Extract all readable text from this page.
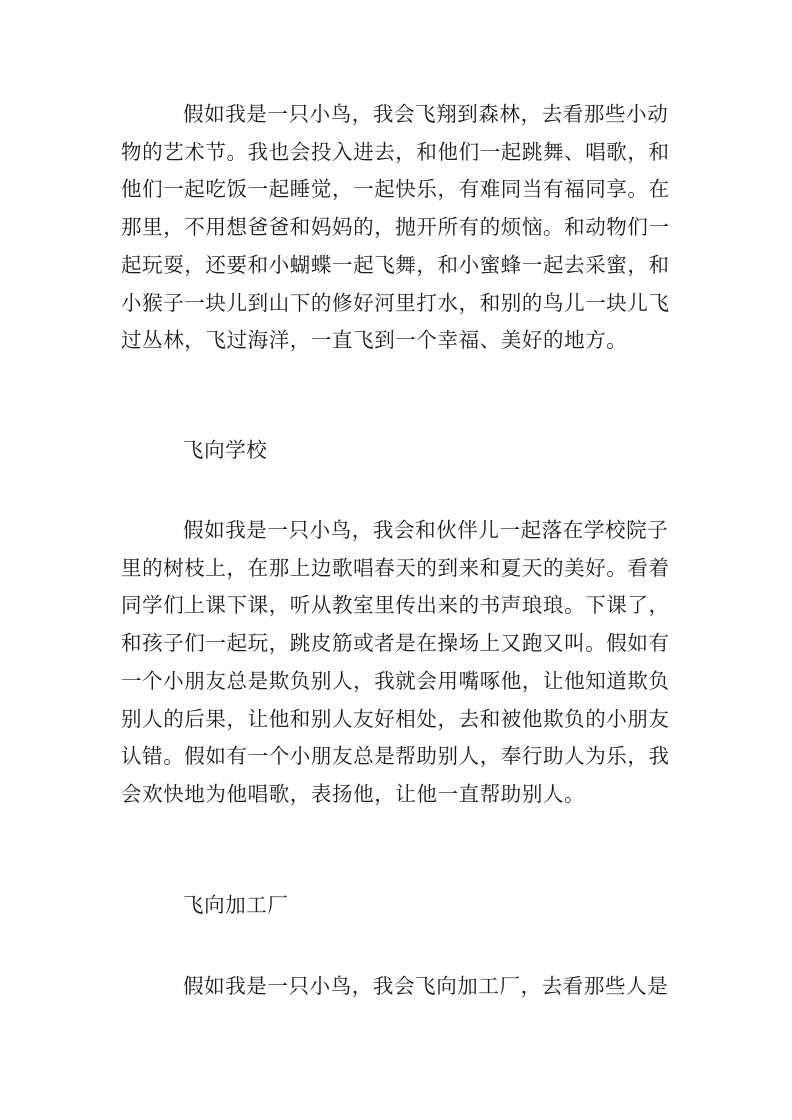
假如我是一只小鸟，我会飞翔到森林，去看那些小动
物的艺术节。我也会投入进去，和他们一起跳舞、唱歌，和
他们一起吃饭一起睡觉，一起快乐，有难同当有福同享。在
那里，不用想爸爸和妈妈的，抛开所有的烦恼。和动物们一
起玩耍，还要和小蝴蝶一起飞舞，和小蜜蜂一起去采蜜，和
小猴子一块儿到山下的修好河里打水，和别的鸟儿一块儿飞
过丛林，飞过海洋，一直飞到一个幸福、美好的地方。
飞向学校
假如我是一只小鸟，我会和伙伴儿一起落在学校院子
里的树枝上，在那上边歌唱春天的到来和夏天的美好。看着
同学们上课下课，听从教室里传出来的书声琅琅。下课了，
和孩子们一起玩，跳皮筋或者是在操场上又跑又叫。假如有
一个小朋友总是欺负别人，我就会用嘴啄他，让他知道欺负
别人的后果，让他和别人友好相处，去和被他欺负的小朋友
认错。假如有一个小朋友总是帮助别人，奉行助人为乐，我
会欢快地为他唱歌，表扬他，让他一直帮助别人。
飞向加工厂
假如我是一只小鸟，我会飞向加工厂，去看那些人是
